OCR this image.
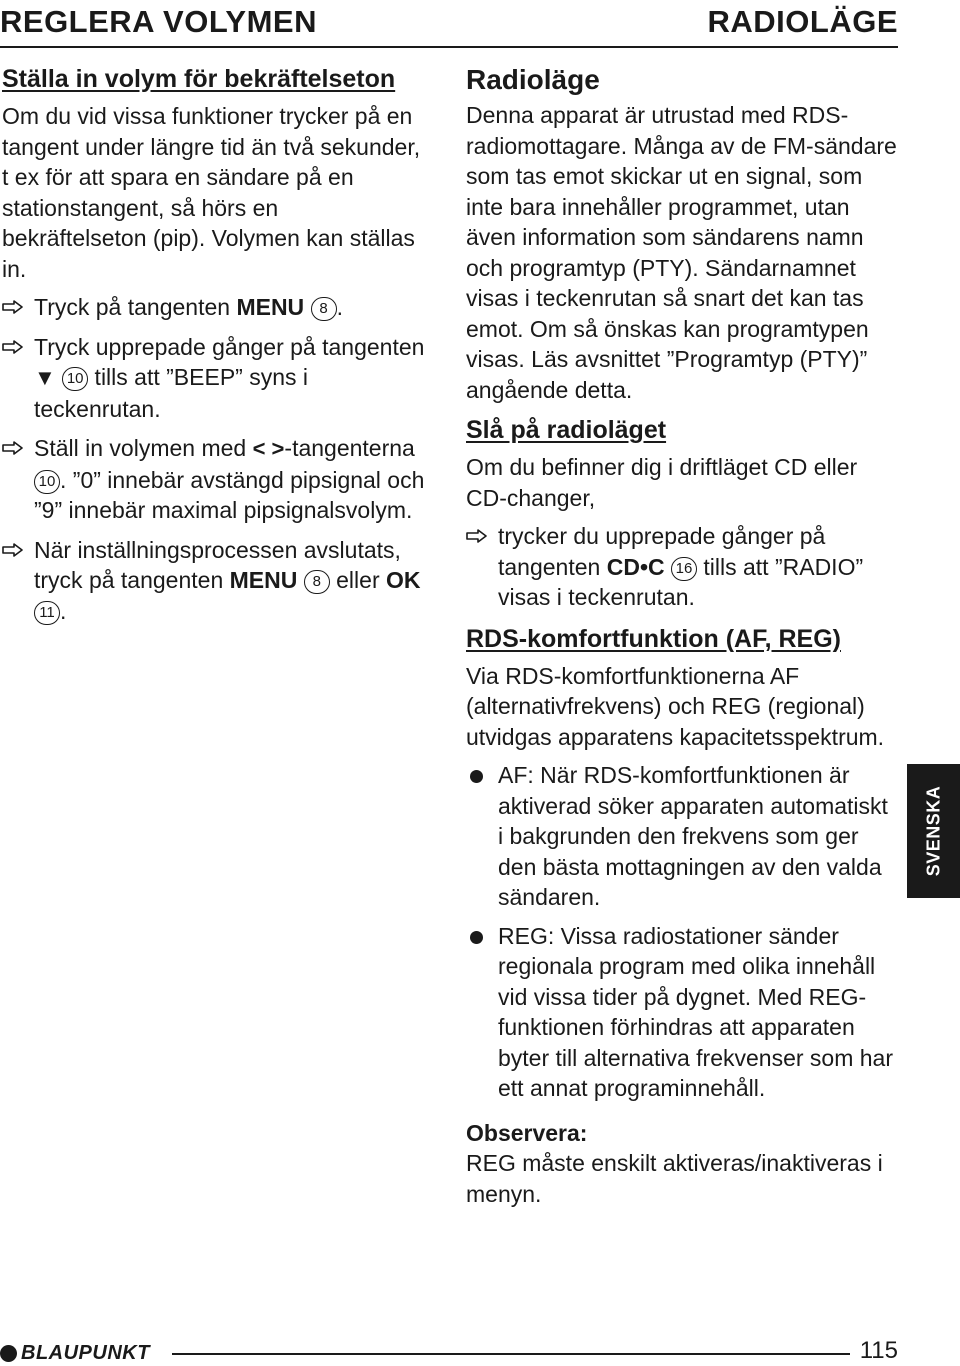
REGLERA VOLYMEN	RADIOLÄGE
Ställa in volym för bekräftelseton

Om du vid vissa funktioner trycker på en tangent under längre tid än två sekunder, t ex för att spara en sändare på en stationstangent, så hörs en bekräftelseton (pip). Volymen kan ställas in.

Tryck på tangenten MENU 8 .
Tryck upprepade gånger på tangenten ▼ 10 tills att ”BEEP” syns i teckenrutan.
Ställ in volymen med < >-tangenterna 10 . ”0” innebär avstängd pipsignal och ”9” innebär maximal pipsignalsvolym.
När inställningsprocessen avslutats, tryck på tangenten MENU 8 eller OK 11 .
Radioläge

Denna apparat är utrustad med RDS-radiomottagare. Många av de FM-sändare som tas emot skickar ut en signal, som inte bara innehåller programmet, utan även information som sändarens namn och programtyp (PTY). Sändarnamnet visas i teckenrutan så snart det kan tas emot. Om så önskas kan programtypen visas. Läs avsnittet ”Programtyp (PTY)” angående detta.

Slå på radioläget

Om du befinner dig i driftläget CD eller CD-changer,

trycker du upprepade gånger på tangenten CD•C 16 tills att ”RADIO” visas i teckenrutan.
RDS-komfortfunktion (AF, REG)

Via RDS-komfortfunktionerna AF (alternativfrekvens) och REG (regional) utvidgas apparatens kapacitetsspektrum.

AF: När RDS-komfortfunktionen är aktiverad söker apparaten automatiskt i bakgrunden den frekvens som ger den bästa mottagningen av den valda sändaren.
REG: Vissa radiostationer sänder regionala program med olika innehåll vid vissa tider på dygnet. Med REG-funktionen förhindras att apparaten byter till alternativa frekvenser som har ett annat programinnehåll.
Observera:
REG måste enskilt aktiveras/inaktiveras i menyn.
SVENSKA
BLAUPUNKT	115
